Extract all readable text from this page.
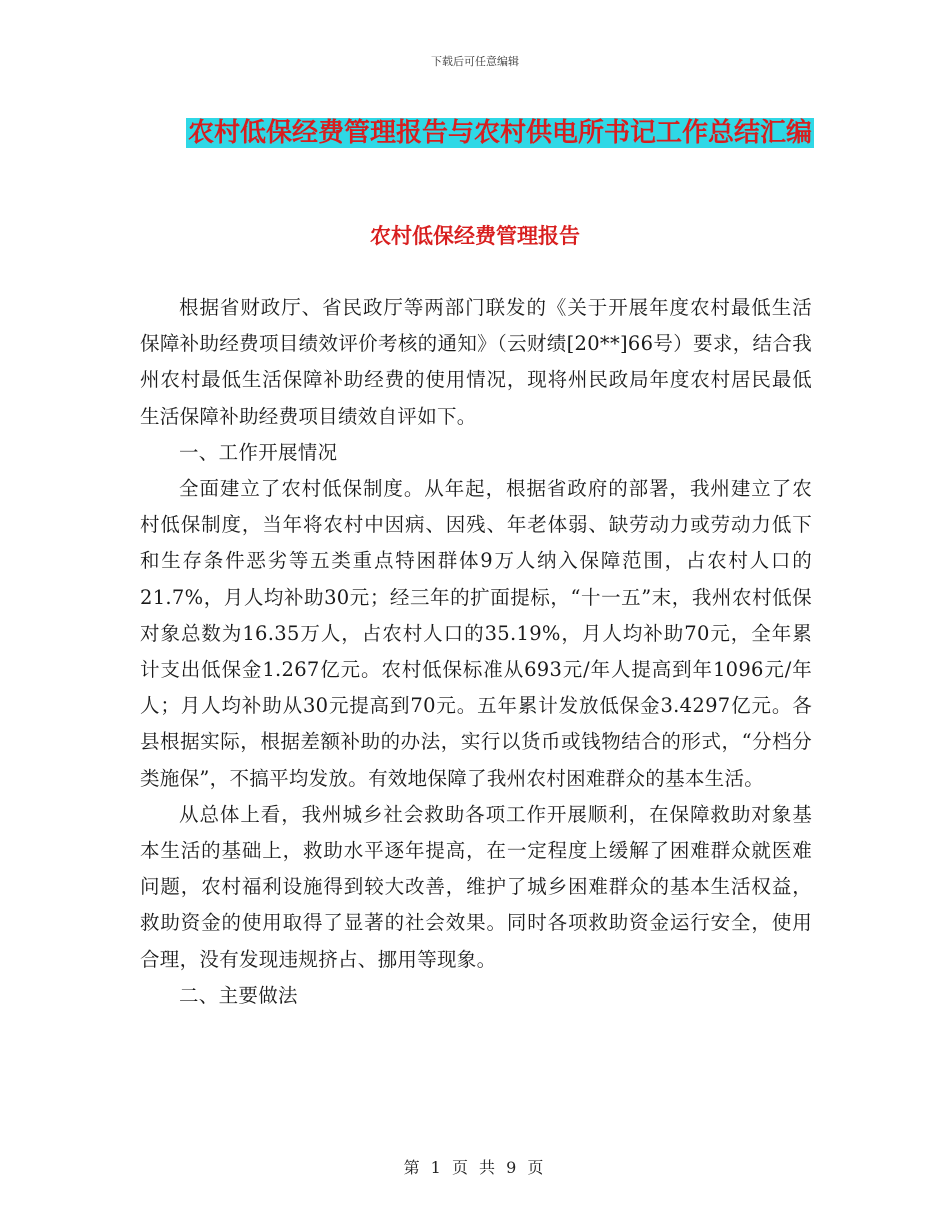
下载后可任意编辑
农村低保经费管理报告与农村供电所书记工作总结汇编
农村低保经费管理报告

根据省财政厅、省民政厅等两部门联发的《关于开展年度农村最低生活保障补助经费项目绩效评价考核的通知》（云财绩[20**]66号）要求，结合我州农村最低生活保障补助经费的使用情况，现将州民政局年度农村居民最低生活保障补助经费项目绩效自评如下。

一、工作开展情况

全面建立了农村低保制度。从年起，根据省政府的部署，我州建立了农村低保制度，当年将农村中因病、因残、年老体弱、缺劳动力或劳动力低下和生存条件恶劣等五类重点特困群体9万人纳入保障范围，占农村人口的21.7%，月人均补助30元；经三年的扩面提标，“十一五”末，我州农村低保对象总数为16.35万人，占农村人口的35.19%，月人均补助70元，全年累计支出低保金1.267亿元。农村低保标准从693元/年人提高到年1096元/年人；月人均补助从30元提高到70元。五年累计发放低保金3.4297亿元。各县根据实际，根据差额补助的办法，实行以货币或钱物结合的形式，“分档分类施保”，不搞平均发放。有效地保障了我州农村困难群众的基本生活。

从总体上看，我州城乡社会救助各项工作开展顺利，在保障救助对象基本生活的基础上，救助水平逐年提高，在一定程度上缓解了困难群众就医难问题，农村福利设施得到较大改善，维护了城乡困难群众的基本生活权益，救助资金的使用取得了显著的社会效果。同时各项救助资金运行安全，使用合理，没有发现违规挤占、挪用等现象。

二、主要做法

第 1 页 共 9 页
